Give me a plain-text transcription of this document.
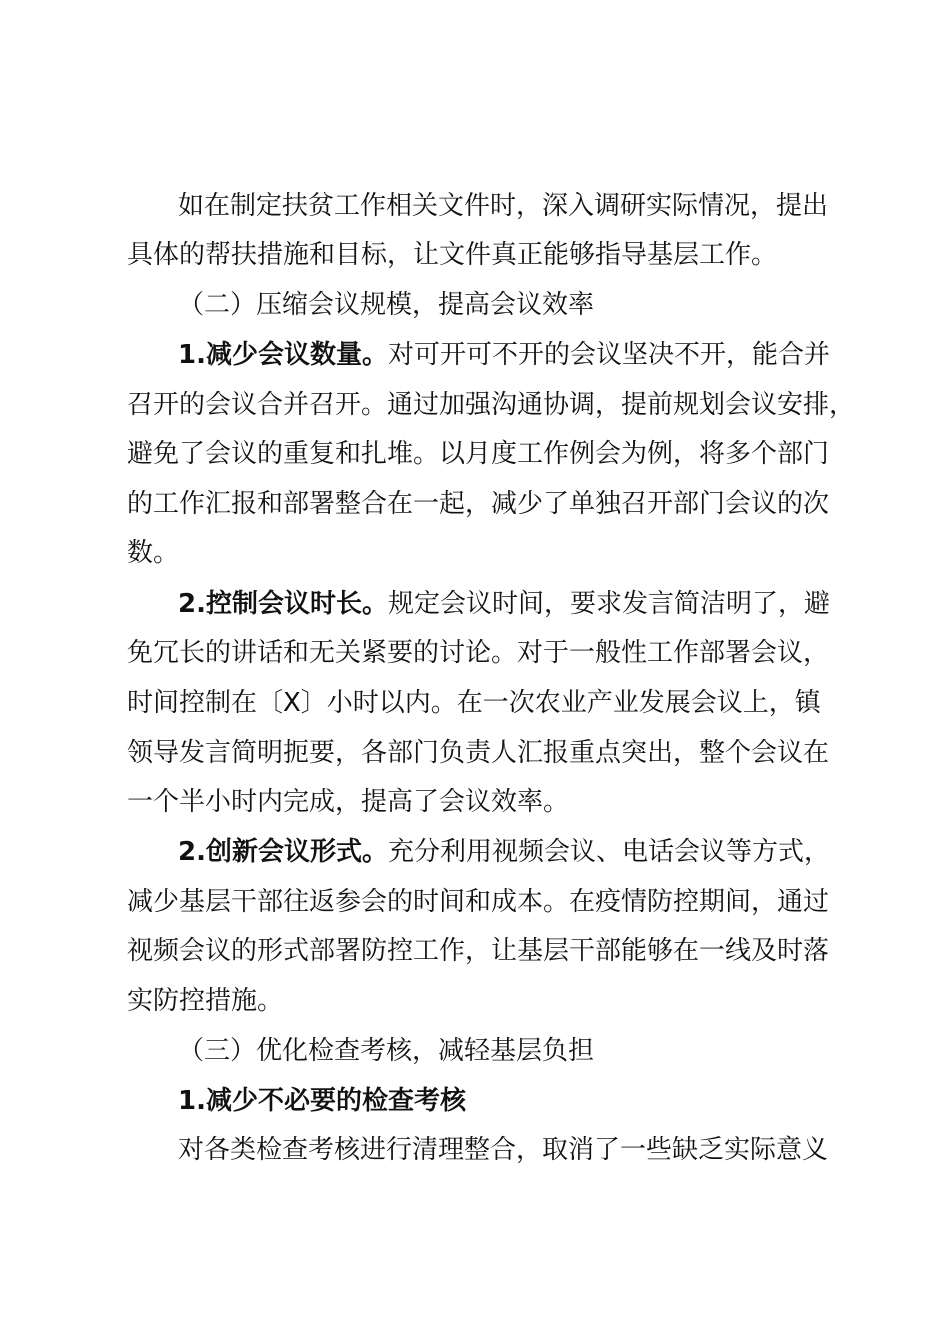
如在制定扶贫工作相关文件时，深入调研实际情况，提出
具体的帮扶措施和目标，让文件真正能够指导基层工作。
（二）压缩会议规模，提高会议效率
1.减少会议数量。对可开可不开的会议坚决不开，能合并
召开的会议合并召开。通过加强沟通协调，提前规划会议安排，
避免了会议的重复和扎堆。以月度工作例会为例，将多个部门
的工作汇报和部署整合在一起，减少了单独召开部门会议的次
数。
2.控制会议时长。规定会议时间，要求发言简洁明了，避
免冗长的讲话和无关紧要的讨论。对于一般性工作部署会议，
时间控制在〔X〕小时以内。在一次农业产业发展会议上，镇
领导发言简明扼要，各部门负责人汇报重点突出，整个会议在
一个半小时内完成，提高了会议效率。
2.创新会议形式。充分利用视频会议、电话会议等方式，
减少基层干部往返参会的时间和成本。在疫情防控期间，通过
视频会议的形式部署防控工作，让基层干部能够在一线及时落
实防控措施。
（三）优化检查考核，减轻基层负担
1.减少不必要的检查考核
对各类检查考核进行清理整合，取消了一些缺乏实际意义
